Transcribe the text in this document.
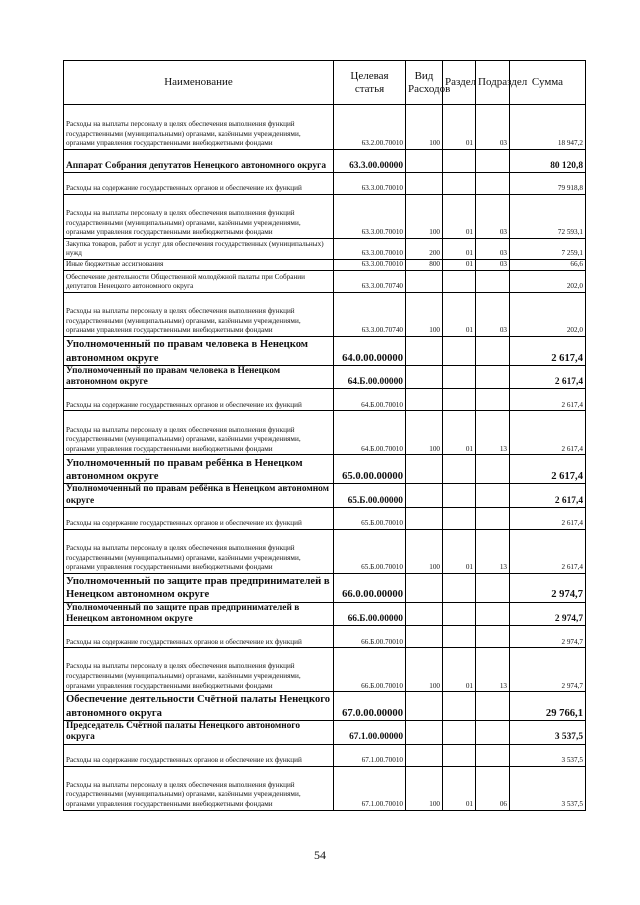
Наименование	Целевая статья	Вид Расходов	Раздел	Подраздел	Сумма
Расходы на выплаты персоналу в целях обеспечения выполнения функций государственными (муниципальными) органами, казёнными учреждениями, органами управления государственными внебюджетными фондами	63.2.00.70010	100	01	03	18 947,2
Аппарат Собрания депутатов Ненецкого автономного округа	63.3.00.00000				80 120,8
Расходы на содержание государственных органов и обеспечение их функций	63.3.00.70010				79 918,8
Расходы на выплаты персоналу в целях обеспечения выполнения функций государственными (муниципальными) органами, казёнными учреждениями, органами управления государственными внебюджетными фондами	63.3.00.70010	100	01	03	72 593,1
Закупка товаров, работ и услуг для обеспечения государственных (муниципальных) нужд	63.3.00.70010	200	01	03	7 259,1
Иные бюджетные ассигнования	63.3.00.70010	800	01	03	66,6
Обеспечение деятельности Общественной молодёжной палаты при Собрании депутатов Ненецкого автономного округа	63.3.00.70740				202,0
Расходы на выплаты персоналу в целях обеспечения выполнения функций государственными (муниципальными) органами, казёнными учреждениями, органами управления государственными внебюджетными фондами	63.3.00.70740	100	01	03	202,0
Уполномоченный по правам человека в Ненецком автономном округе	64.0.00.00000				2 617,4
Уполномоченный по правам человека в Ненецком автономном округе	64.Б.00.00000				2 617,4
Расходы на содержание государственных органов и обеспечение их функций	64.Б.00.70010				2 617,4
Расходы на выплаты персоналу в целях обеспечения выполнения функций государственными (муниципальными) органами, казёнными учреждениями, органами управления государственными внебюджетными фондами	64.Б.00.70010	100	01	13	2 617,4
Уполномоченный по правам ребёнка в Ненецком автономном округе	65.0.00.00000				2 617,4
Уполномоченный по правам ребёнка в Ненецком автономном округе	65.Б.00.00000				2 617,4
Расходы на содержание государственных органов и обеспечение их функций	65.Б.00.70010				2 617,4
Расходы на выплаты персоналу в целях обеспечения выполнения функций государственными (муниципальными) органами, казёнными учреждениями, органами управления государственными внебюджетными фондами	65.Б.00.70010	100	01	13	2 617,4
Уполномоченный по защите прав предпринимателей в Ненецком автономном округе	66.0.00.00000				2 974,7
Уполномоченный по защите прав предпринимателей в Ненецком автономном округе	66.Б.00.00000				2 974,7
Расходы на содержание государственных органов и обеспечение их функций	66.Б.00.70010				2 974,7
Расходы на выплаты персоналу в целях обеспечения выполнения функций государственными (муниципальными) органами, казёнными учреждениями, органами управления государственными внебюджетными фондами	66.Б.00.70010	100	01	13	2 974,7
Обеспечение деятельности Счётной палаты Ненецкого автономного округа	67.0.00.00000				29 766,1
Председатель Счётной палаты Ненецкого автономного округа	67.1.00.00000				3 537,5
Расходы на содержание государственных органов и обеспечение их функций	67.1.00.70010				3 537,5
Расходы на выплаты персоналу в целях обеспечения выполнения функций государственными (муниципальными) органами, казёнными учреждениями, органами управления государственными внебюджетными фондами	67.1.00.70010	100	01	06	3 537,5
54
